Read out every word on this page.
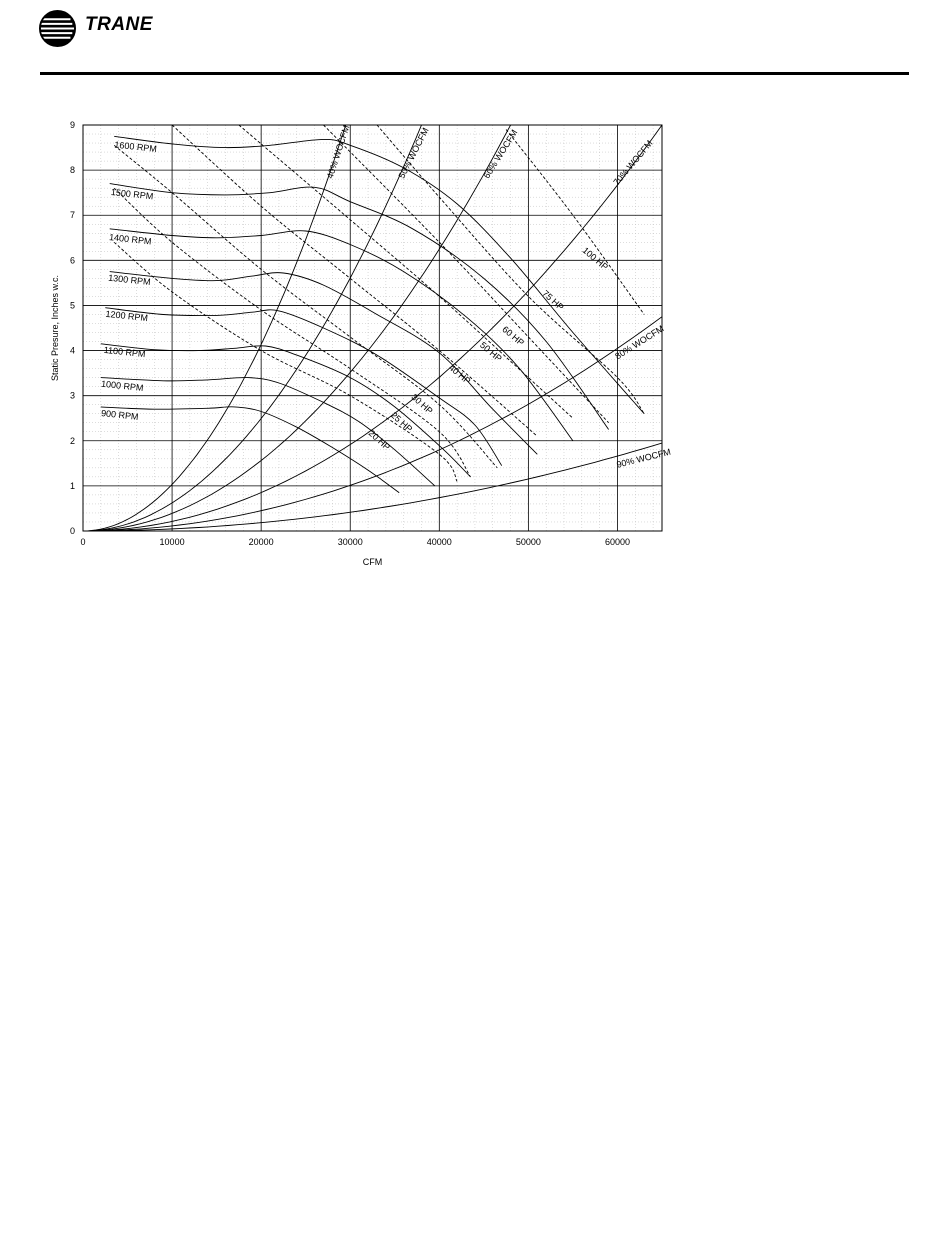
TRANE
0	10000	20000	30000	40000	50000	60000
0
1
2
3
4
5
6
7
8
9
CFM
Static Presure, Inches w.c.
900 RPM
1000 RPM
1100 RPM
1200 RPM
1300 RPM
1400 RPM
1500 RPM
1600 RPM
20 HP
25 HP
30 HP
40 HP
50 HP
60 HP
75 HP
100 HP
40% WOCFM	50% WOCFM	60% WOCFM	70% WOCFM
80% WOCFM
90% WOCFM
